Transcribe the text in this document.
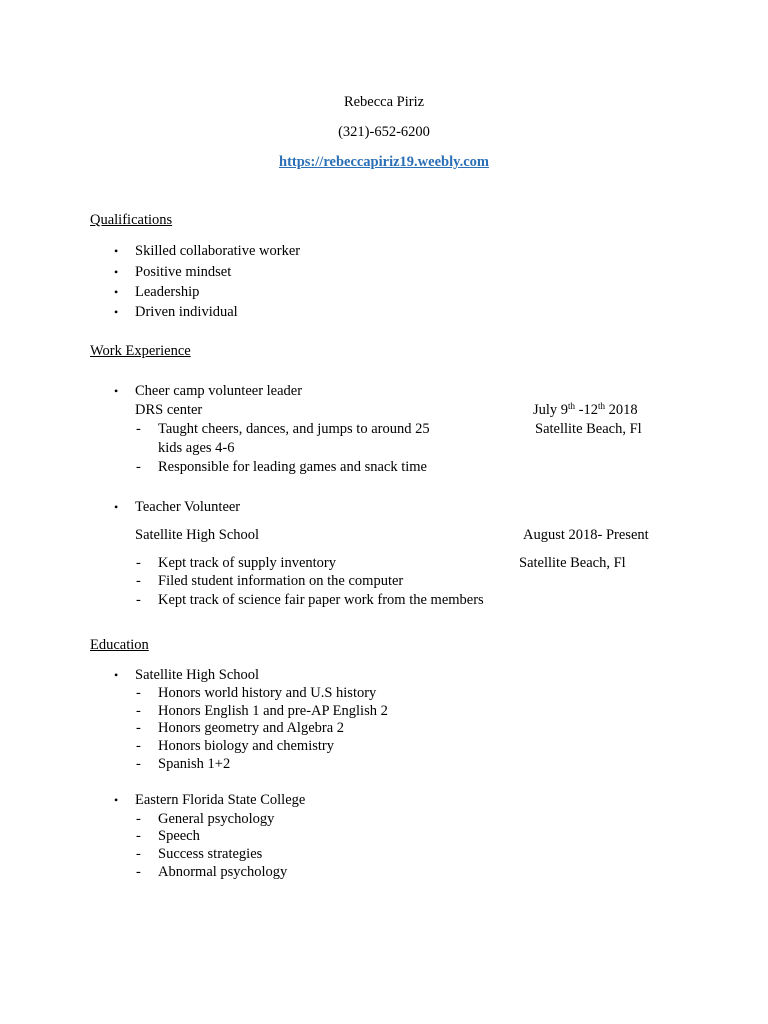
Rebecca Piriz
(321)-652-6200
https://rebeccapiriz19.weebly.com
Qualifications
• Skilled collaborative worker
• Positive mindset
• Leadership
• Driven individual
Work Experience
• Cheer camp volunteer leader
DRS center	July 9th -12th 2018
- Taught cheers, dances, and jumps to around 25	Satellite Beach, Fl
kids ages 4-6
- Responsible for leading games and snack time
• Teacher Volunteer
Satellite High School	August 2018- Present
- Kept track of supply inventory	Satellite Beach, Fl
- Filed student information on the computer
- Kept track of science fair paper work from the members
Education
• Satellite High School
- Honors world history and U.S history
- Honors English 1 and pre-AP English 2
- Honors geometry and Algebra 2
- Honors biology and chemistry
- Spanish 1+2
• Eastern Florida State College
- General psychology
- Speech
- Success strategies
- Abnormal psychology
